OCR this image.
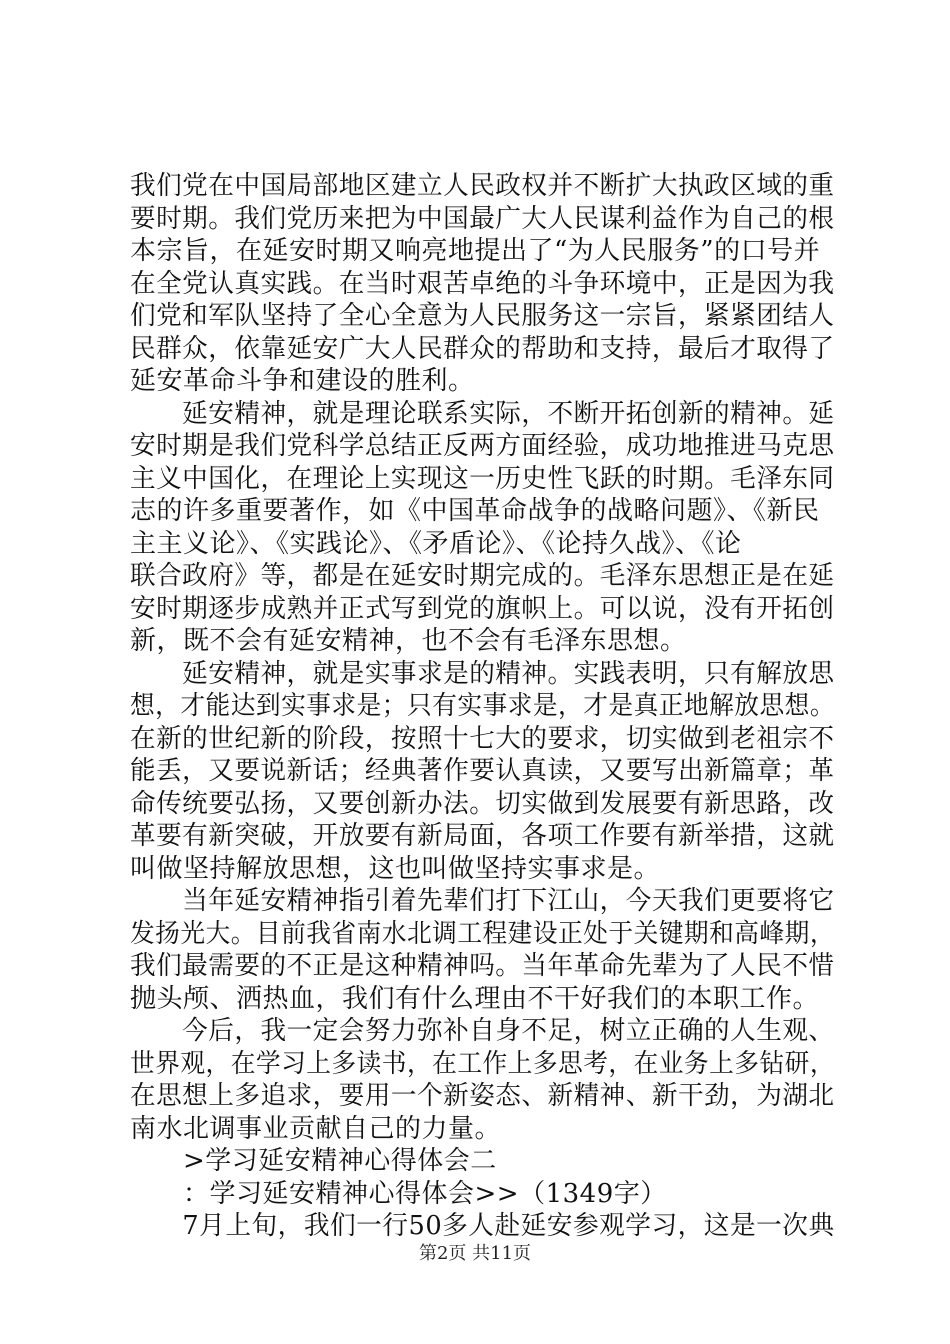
我们党在中国局部地区建立人民政权并不断扩大执政区域的重
要时期。我们党历来把为中国最广大人民谋利益作为自己的根
本宗旨，在延安时期又响亮地提出了“为人民服务”的口号并
在全党认真实践。在当时艰苦卓绝的斗争环境中，正是因为我
们党和军队坚持了全心全意为人民服务这一宗旨，紧紧团结人
民群众，依靠延安广大人民群众的帮助和支持，最后才取得了
延安革命斗争和建设的胜利。
　　延安精神，就是理论联系实际，不断开拓创新的精神。延
安时期是我们党科学总结正反两方面经验，成功地推进马克思
主义中国化，在理论上实现这一历史性飞跃的时期。毛泽东同
志的许多重要著作，如《中国革命战争的战略问题》、《新民
主主义论》、《实践论》、《矛盾论》、《论持久战》、《论
联合政府》等，都是在延安时期完成的。毛泽东思想正是在延
安时期逐步成熟并正式写到党的旗帜上。可以说，没有开拓创
新，既不会有延安精神，也不会有毛泽东思想。
　　延安精神，就是实事求是的精神。实践表明，只有解放思
想，才能达到实事求是；只有实事求是，才是真正地解放思想。
在新的世纪新的阶段，按照十七大的要求，切实做到老祖宗不
能丢，又要说新话；经典著作要认真读，又要写出新篇章；革
命传统要弘扬，又要创新办法。切实做到发展要有新思路，改
革要有新突破，开放要有新局面，各项工作要有新举措，这就
叫做坚持解放思想，这也叫做坚持实事求是。
　　当年延安精神指引着先辈们打下江山，今天我们更要将它
发扬光大。目前我省南水北调工程建设正处于关键期和高峰期，
我们最需要的不正是这种精神吗。当年革命先辈为了人民不惜
抛头颅、洒热血，我们有什么理由不干好我们的本职工作。
　　今后，我一定会努力弥补自身不足，树立正确的人生观、
世界观，在学习上多读书，在工作上多思考，在业务上多钻研，
在思想上多追求，要用一个新姿态、新精神、新干劲，为湖北
南水北调事业贡献自己的力量。
　　>学习延安精神心得体会二
　　：学习延安精神心得体会>>（1349字）
　　7月上旬，我们一行50多人赴延安参观学习，这是一次典
第2页 共11页
